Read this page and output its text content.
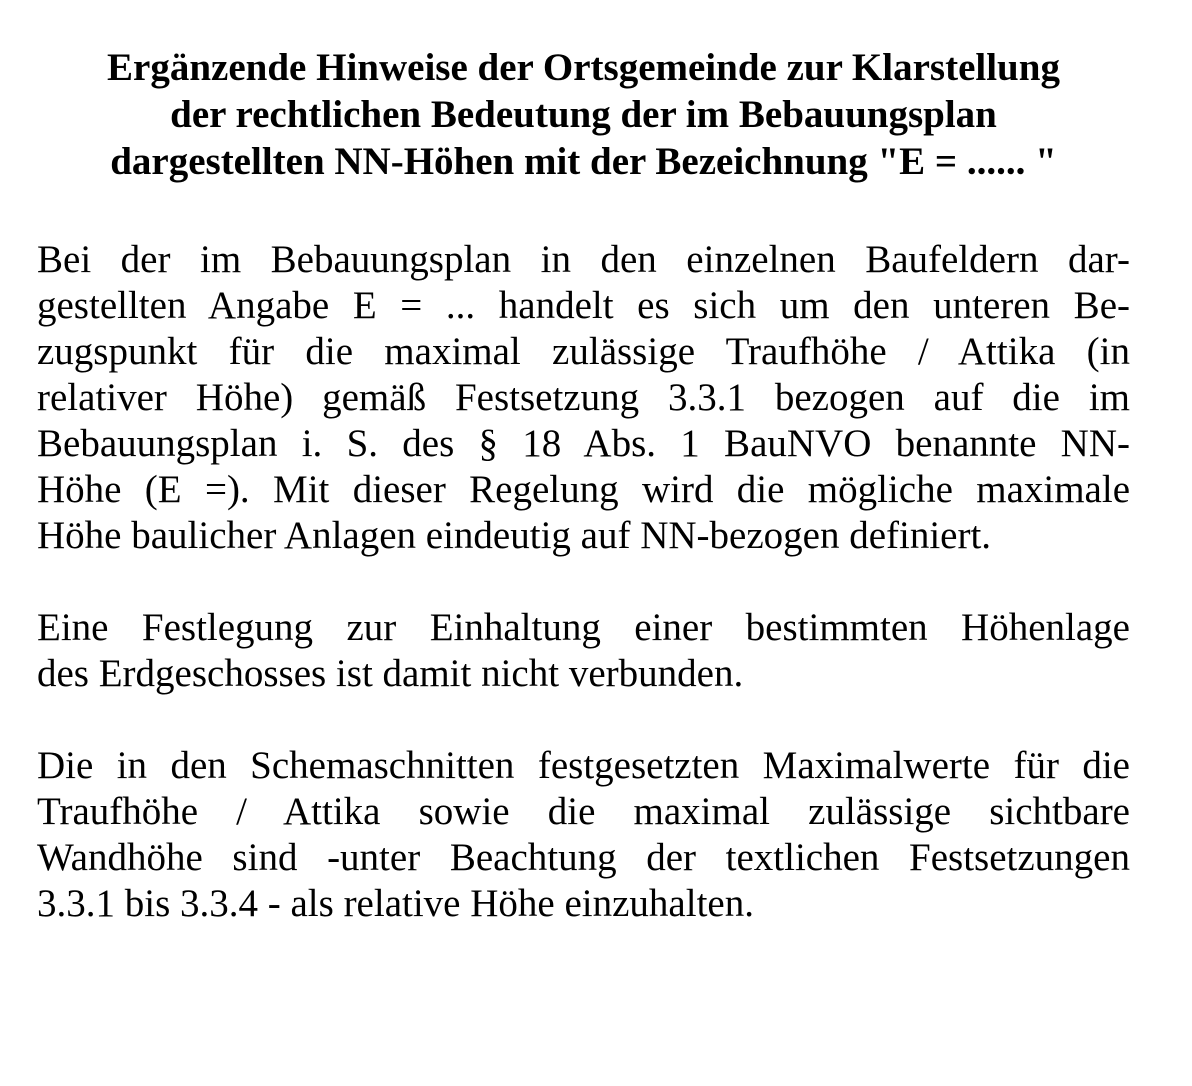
Ergänzende Hinweise der Ortsgemeinde zur Klarstellung
der rechtlichen Bedeutung der im Bebauungsplan
dargestellten NN-Höhen mit der Bezeichnung "E = ...... "

Bei der im Bebauungsplan in den einzelnen Baufeldern dar-
gestellten Angabe E = ... handelt es sich um den unteren Be-
zugspunkt für die maximal zulässige Traufhöhe / Attika (in
relativer Höhe) gemäß Festsetzung 3.3.1 bezogen auf die im
Bebauungsplan i. S. des § 18 Abs. 1 BauNVO benannte NN-
Höhe (E =). Mit dieser Regelung wird die mögliche maximale
Höhe baulicher Anlagen eindeutig auf NN-bezogen definiert.

Eine Festlegung zur Einhaltung einer bestimmten Höhenlage
des Erdgeschosses ist damit nicht verbunden.

Die in den Schemaschnitten festgesetzten Maximalwerte für die
Traufhöhe / Attika sowie die maximal zulässige sichtbare
Wandhöhe sind -unter Beachtung der textlichen Festsetzungen
3.3.1 bis 3.3.4 - als relative Höhe einzuhalten.
